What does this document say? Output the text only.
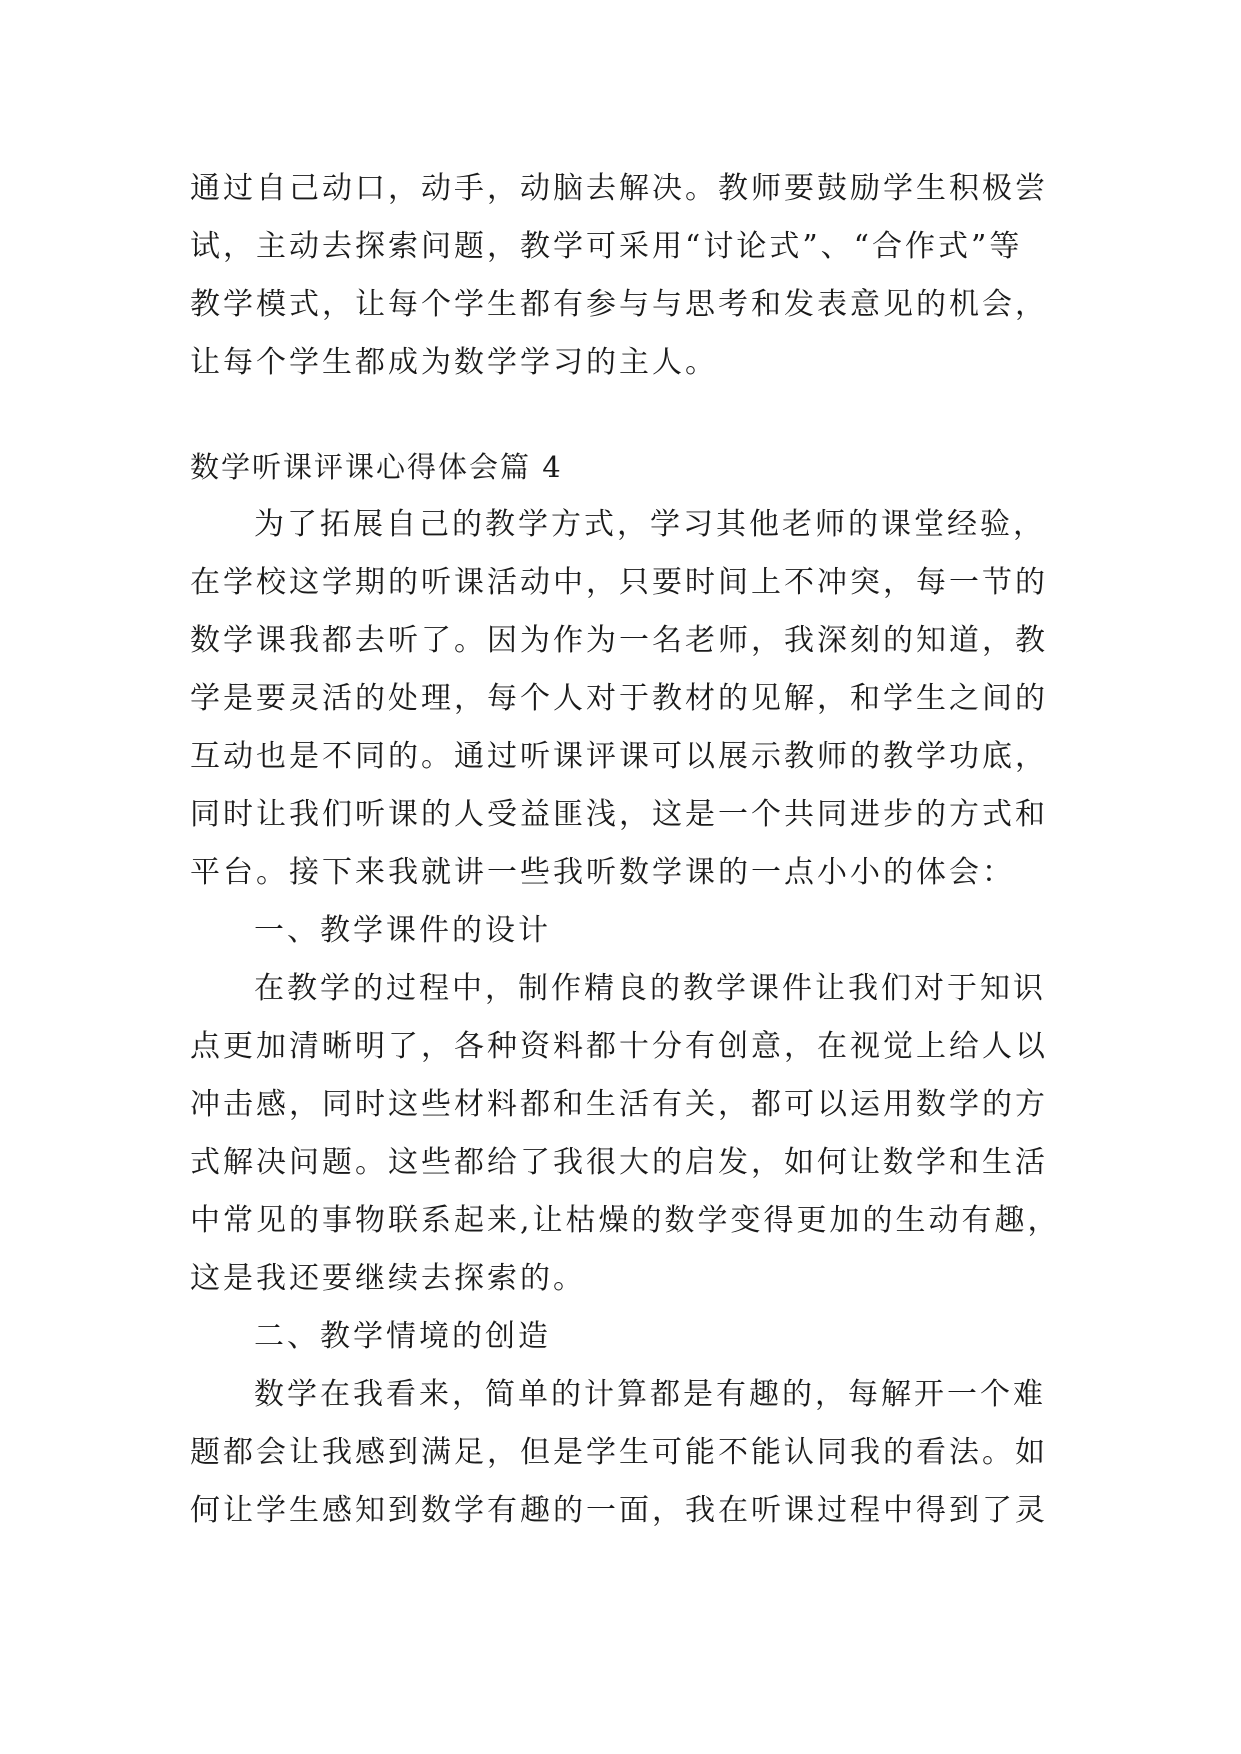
通过自己动口，动手，动脑去解决。教师要鼓励学生积极尝
试，主动去探索问题，教学可采用“讨论式”、“合作式”等
教学模式，让每个学生都有参与与思考和发表意见的机会，
让每个学生都成为数学学习的主人。
数学听课评课心得体会篇 4
为了拓展自己的教学方式，学习其他老师的课堂经验，
在学校这学期的听课活动中，只要时间上不冲突，每一节的
数学课我都去听了。因为作为一名老师，我深刻的知道，教
学是要灵活的处理，每个人对于教材的见解，和学生之间的
互动也是不同的。通过听课评课可以展示教师的教学功底，
同时让我们听课的人受益匪浅，这是一个共同进步的方式和
平台。接下来我就讲一些我听数学课的一点小小的体会：
一、教学课件的设计
在教学的过程中，制作精良的教学课件让我们对于知识
点更加清晰明了，各种资料都十分有创意，在视觉上给人以
冲击感，同时这些材料都和生活有关，都可以运用数学的方
式解决问题。这些都给了我很大的启发，如何让数学和生活
中常见的事物联系起来,让枯燥的数学变得更加的生动有趣，
这是我还要继续去探索的。
二、教学情境的创造
数学在我看来，简单的计算都是有趣的，每解开一个难
题都会让我感到满足，但是学生可能不能认同我的看法。如
何让学生感知到数学有趣的一面，我在听课过程中得到了灵
